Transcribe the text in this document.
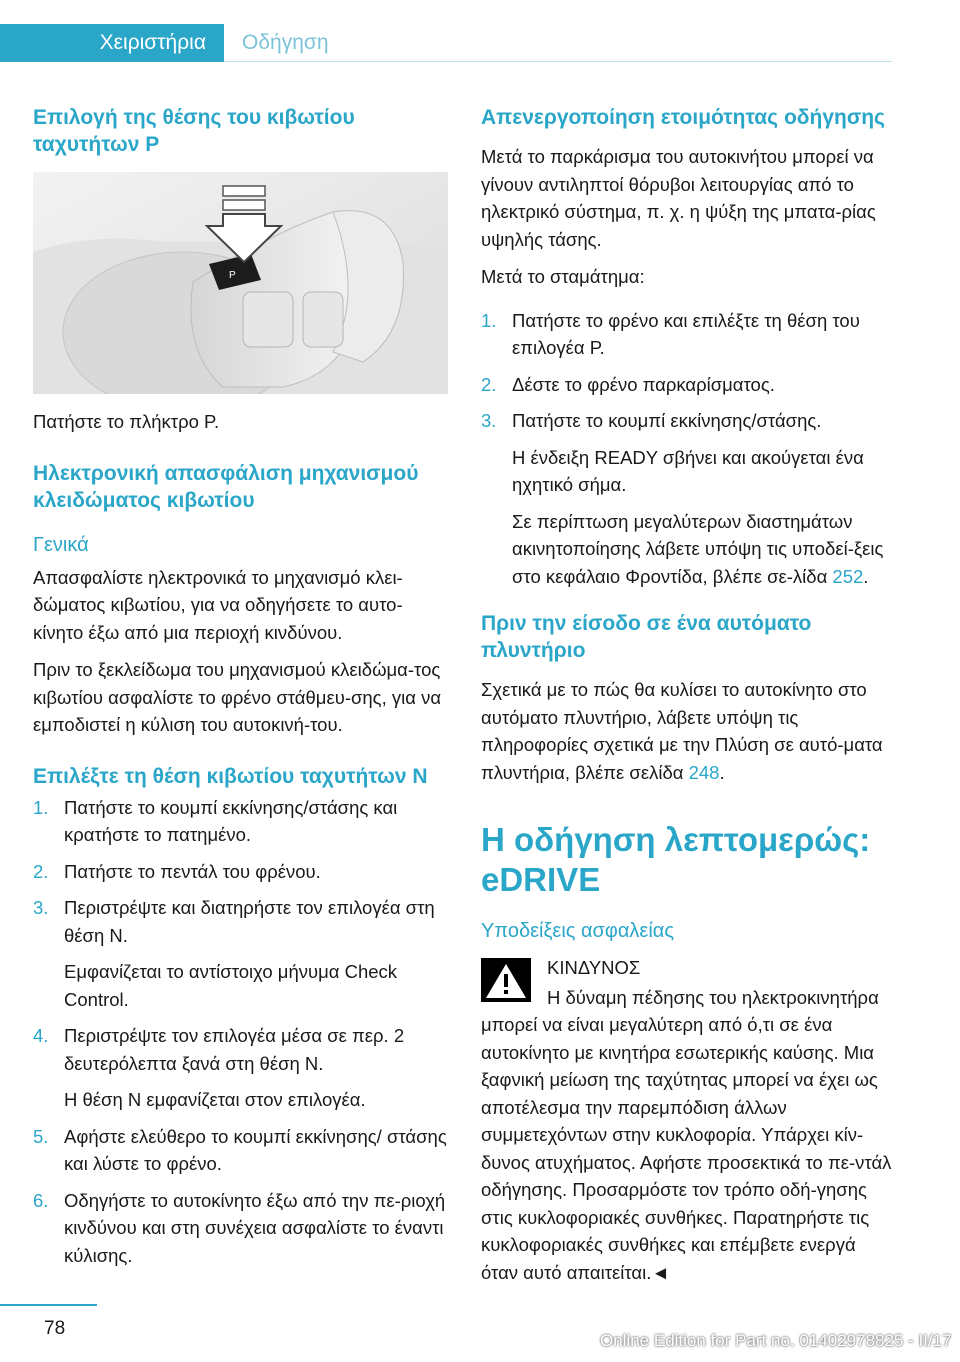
Χειριστήρια Οδήγηση
Επιλογή της θέσης του κιβωτίου ταχυτήτων P
P

Πατήστε το πλήκτρο P.

Ηλεκτρονική απασφάλιση μηχανισμού κλειδώματος κιβωτίου
Γενικά

Απασφαλίστε ηλεκτρονικά το μηχανισμό κλει-δώματος κιβωτίου, για να οδηγήσετε το αυτο-κίνητο έξω από μια περιοχή κινδύνου.

Πριν το ξεκλείδωμα του μηχανισμού κλειδώμα-τος κιβωτίου ασφαλίστε το φρένο στάθμευ-σης, για να εμποδιστεί η κύλιση του αυτοκινή-του.

Επιλέξτε τη θέση κιβωτίου ταχυτήτων N
1. Πατήστε το κουμπί εκκίνησης/στάσης και κρατήστε το πατημένο.
2. Πατήστε το πεντάλ του φρένου.
3. Περιστρέψτε και διατηρήστε τον επιλογέα στη θέση N.
Εμφανίζεται το αντίστοιχο μήνυμα Check Control.
4. Περιστρέψτε τον επιλογέα μέσα σε περ. 2 δευτερόλεπτα ξανά στη θέση N.
Η θέση N εμφανίζεται στον επιλογέα.
5. Αφήστε ελεύθερο το κουμπί εκκίνησης/ στάσης και λύστε το φρένο.
6. Οδηγήστε το αυτοκίνητο έξω από την πε-ριοχή κινδύνου και στη συνέχεια ασφαλίστε το έναντι κύλισης.
Απενεργοποίηση ετοιμότητας οδήγησης

Μετά το παρκάρισμα του αυτοκινήτου μπορεί να γίνουν αντιληπτοί θόρυβοι λειτουργίας από το ηλεκτρικό σύστημα, π. χ. η ψύξη της μπατα-ρίας υψηλής τάσης.

Μετά το σταμάτημα:

1. Πατήστε το φρένο και επιλέξτε τη θέση του επιλογέα P.
2. Δέστε το φρένο παρκαρίσματος.
3. Πατήστε το κουμπί εκκίνησης/στάσης.
Η ένδειξη READY σβήνει και ακούγεται ένα ηχητικό σήμα.
Σε περίπτωση μεγαλύτερων διαστημάτων ακινητοποίησης λάβετε υπόψη τις υποδεί-ξεις στο κεφάλαιο Φροντίδα, βλέπε σε-λίδα 252.
Πριν την είσοδο σε ένα αυτόματο πλυντήριο

Σχετικά με το πώς θα κυλίσει το αυτοκίνητο στο αυτόματο πλυντήριο, λάβετε υπόψη τις πληροφορίες σχετικά με την Πλύση σε αυτό-ματα πλυντήρια, βλέπε σελίδα 248.

Η οδήγηση λεπτομερώς: eDRIVE
Υποδείξεις ασφαλείας

ΚΙΝΔΥΝΟΣ

Η δύναμη πέδησης του ηλεκτροκινητήρα μπορεί να είναι μεγαλύτερη από ό,τι σε ένα αυτοκίνητο με κινητήρα εσωτερικής καύσης. Μια ξαφνική μείωση της ταχύτητας μπορεί να έχει ως αποτέλεσμα την παρεμπόδιση άλλων συμμετεχόντων στην κυκλοφορία. Υπάρχει κίν-δυνος ατυχήματος. Αφήστε προσεκτικά το πε-ντάλ οδήγησης. Προσαρμόστε τον τρόπο οδή-γησης στις κυκλοφοριακές συνθήκες. Παρατηρήστε τις κυκλοφοριακές συνθήκες και επέμβετε ενεργά όταν αυτό απαιτείται.◄

78
Online Edition for Part no. 01402978825 - II/17
